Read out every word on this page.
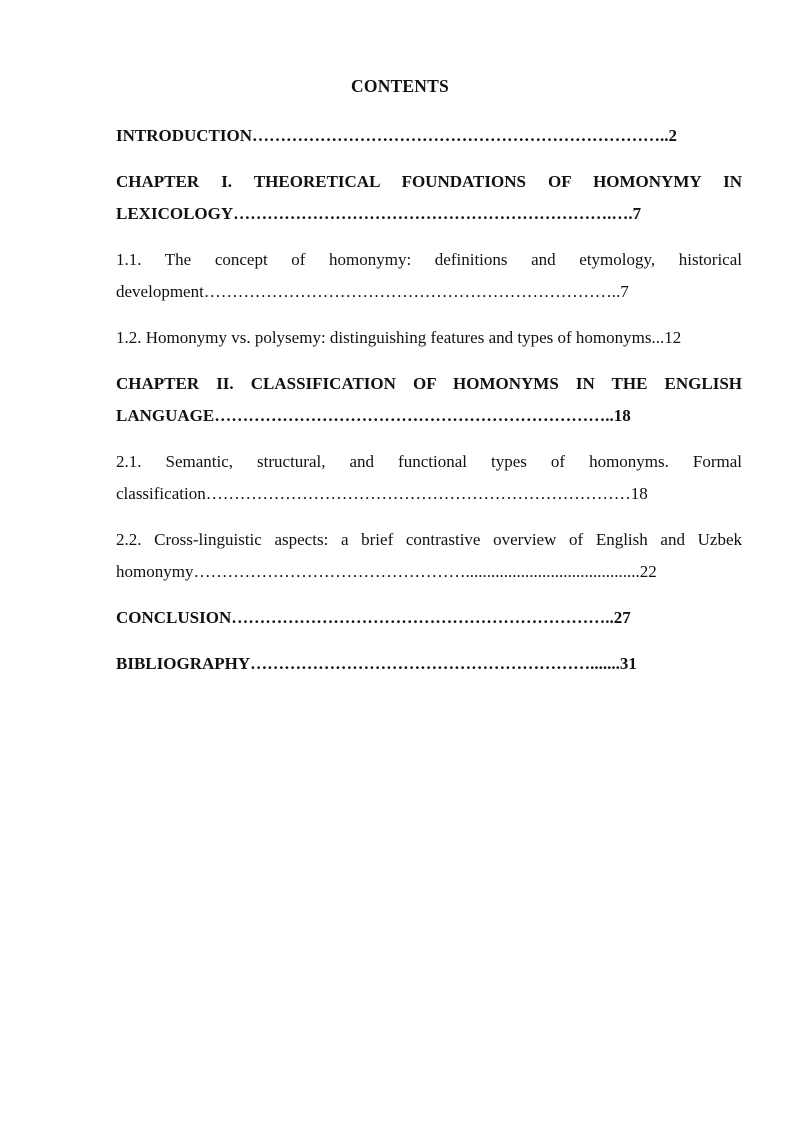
CONTENTS
INTRODUCTION………………………………………………………………..2
CHAPTER I. THEORETICAL FOUNDATIONS OF HOMONYMY IN
LEXICOLOGY………………………………………………………….….7
1.1. The concept of homonymy: definitions and etymology, historical
development………………………………………………………………..7
1.2. Homonymy vs. polysemy: distinguishing features and types of homonyms...12
CHAPTER II. CLASSIFICATION OF HOMONYMS IN THE ENGLISH
LANGUAGE……………………………………………………………..18
2.1. Semantic, structural, and functional types of homonyms. Formal
classification…………………………………………………………………18
2.2. Cross-linguistic aspects: a brief contrastive overview of English and Uzbek
homonymy………………………………………….........................................22
CONCLUSION…………………………………………………………..27
BIBLIOGRAPHY…………………………………………………….......31
